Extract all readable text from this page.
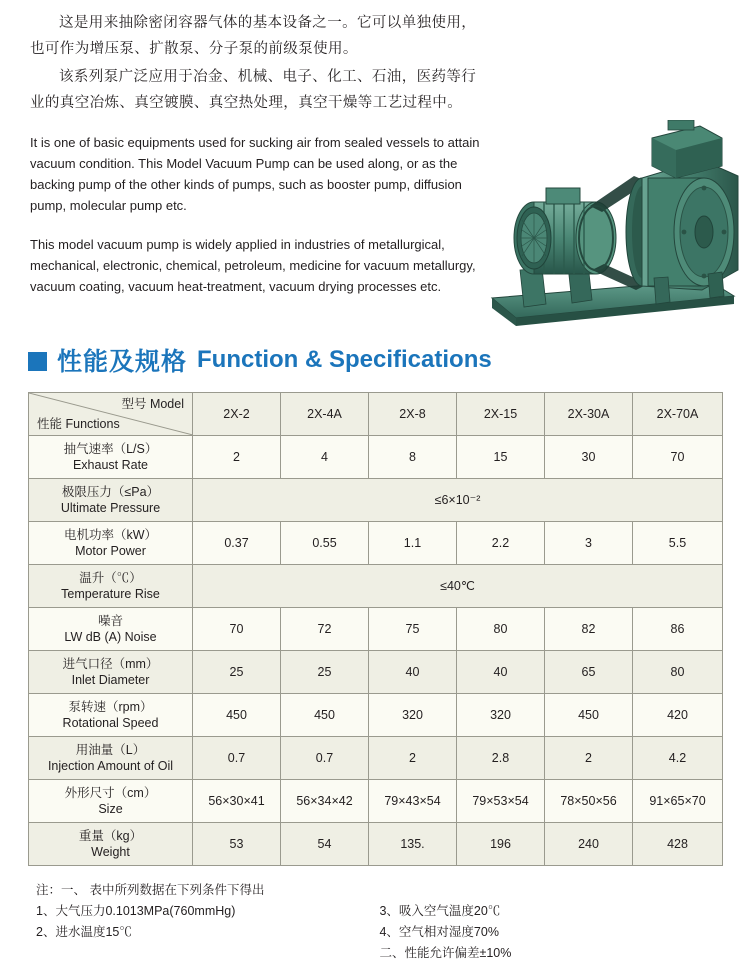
这是用来抽除密闭容器气体的基本设备之一。它可以单独使用，也可作为增压泵、扩散泵、分子泵的前级泵使用。

该系列泵广泛应用于冶金、机械、电子、化工、石油，医药等行业的真空冶炼、真空镀膜、真空热处理，真空干燥等工艺过程中。

It is one of basic equipments used for sucking air from sealed vessels to attain vacuum condition. This Model Vacuum Pump can be used along, or as the backing pump of the other kinds of pumps, such as booster pump, diffusion pump, molecular pump etc.

This model vacuum pump is widely applied in industries of metallurgical, mechanical, electronic, chemical, petroleum, medicine for vacuum metallurgy, vacuum coating, vacuum heat-treatment, vacuum drying processes etc.

性能及规格 Function & Specifications
型号 Model
性能 Functions	2X-2	2X-4A	2X-8	2X-15	2X-30A	2X-70A

抽气速率（L/S）
Exhaust Rate	2	4	8	15	30	70

极限压力（≤Pa）
Ultimate Pressure	≤6×10⁻²					

电机功率（kW）
Motor Power	0.37	0.55	1.1	2.2	3	5.5

温升（℃）
Temperature Rise	≤40℃					

噪音
LW dB (A) Noise	70	72	75	80	82	86

进气口径（mm）
Inlet Diameter	25	25	40	40	65	80

泵转速（rpm）
Rotational Speed	450	450	320	320	450	420

用油量（L）
Injection Amount of Oil	0.7	0.7	2	2.8	2	4.2

外形尺寸（cm）
Size	56×30×41	56×34×42	79×43×54	79×53×54	78×50×56	91×65×70

重量（kg）
Weight	53	54	135.	196	240	428
注：一、 表中所列数据在下列条件下得出
1、大气压力0.1013MPa(760mmHg)
2、进水温度15℃

3、吸入空气温度20℃
4、空气相对湿度70%
二、性能允许偏差±10%
